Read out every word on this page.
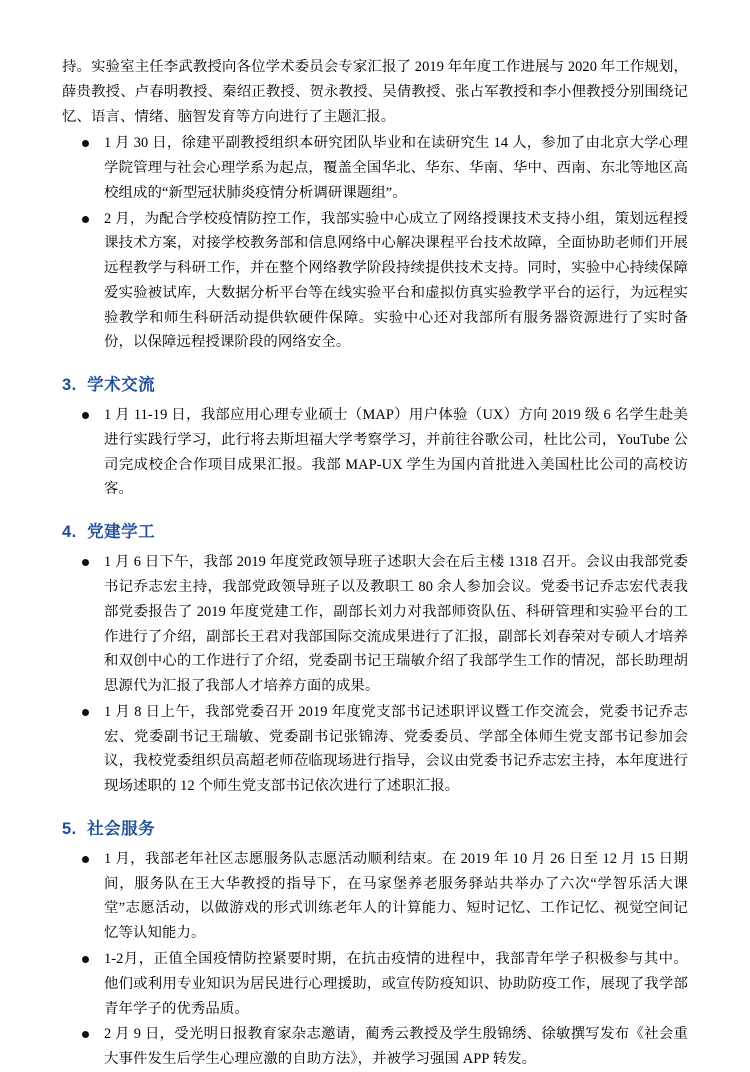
持。实验室主任李武教授向各位学术委员会专家汇报了 2019 年年度工作进展与 2020 年工作规划，薛贵教授、卢春明教授、秦绍正教授、贺永教授、吴倩教授、张占军教授和李小俚教授分别围绕记忆、语言、情绪、脑智发育等方向进行了主题汇报。

1 月 30 日，徐建平副教授组织本研究团队毕业和在读研究生 14 人，参加了由北京大学心理学院管理与社会心理学系为起点，覆盖全国华北、华东、华南、华中、西南、东北等地区高校组成的“新型冠状肺炎疫情分析调研课题组”。
2 月，为配合学校疫情防控工作，我部实验中心成立了网络授课技术支持小组，策划远程授课技术方案，对接学校教务部和信息网络中心解决课程平台技术故障，全面协助老师们开展远程教学与科研工作，并在整个网络教学阶段持续提供技术支持。同时，实验中心持续保障爱实验被试库，大数据分析平台等在线实验平台和虚拟仿真实验教学平台的运行，为远程实验教学和师生科研活动提供软硬件保障。实验中心还对我部所有服务器资源进行了实时备份，以保障远程授课阶段的网络安全。
3. 学术交流
1 月 11-19 日，我部应用心理专业硕士（MAP）用户体验（UX）方向 2019 级 6 名学生赴美进行实践行学习，此行将去斯坦福大学考察学习，并前往谷歌公司，杜比公司，YouTube 公司完成校企合作项目成果汇报。我部 MAP-UX 学生为国内首批进入美国杜比公司的高校访客。
4. 党建学工
1 月 6 日下午，我部 2019 年度党政领导班子述职大会在后主楼 1318 召开。会议由我部党委书记乔志宏主持，我部党政领导班子以及教职工 80 余人参加会议。党委书记乔志宏代表我部党委报告了 2019 年度党建工作，副部长刘力对我部师资队伍、科研管理和实验平台的工作进行了介绍，副部长王君对我部国际交流成果进行了汇报，副部长刘春荣对专硕人才培养和双创中心的工作进行了介绍，党委副书记王瑞敏介绍了我部学生工作的情况，部长助理胡思源代为汇报了我部人才培养方面的成果。
1 月 8 日上午，我部党委召开 2019 年度党支部书记述职评议暨工作交流会，党委书记乔志宏、党委副书记王瑞敏、党委副书记张锦涛、党委委员、学部全体师生党支部书记参加会议，我校党委组织员高超老师莅临现场进行指导，会议由党委书记乔志宏主持，本年度进行现场述职的 12 个师生党支部书记依次进行了述职汇报。
5. 社会服务
1 月，我部老年社区志愿服务队志愿活动顺利结束。在 2019 年 10 月 26 日至 12 月 15 日期间，服务队在王大华教授的指导下，在马家堡养老服务驿站共举办了六次“学智乐活大课堂”志愿活动，以做游戏的形式训练老年人的计算能力、短时记忆、工作记忆、视觉空间记忆等认知能力。
1-2月，正值全国疫情防控紧要时期，在抗击疫情的进程中，我部青年学子积极参与其中。他们或利用专业知识为居民进行心理援助，或宣传防疫知识、协助防疫工作，展现了我学部青年学子的优秀品质。
2 月 9 日，受光明日报教育家杂志邀请，蔺秀云教授及学生殷锦绣、徐敏撰写发布《社会重大事件发生后学生心理应激的自助方法》，并被学习强国 APP 转发。
